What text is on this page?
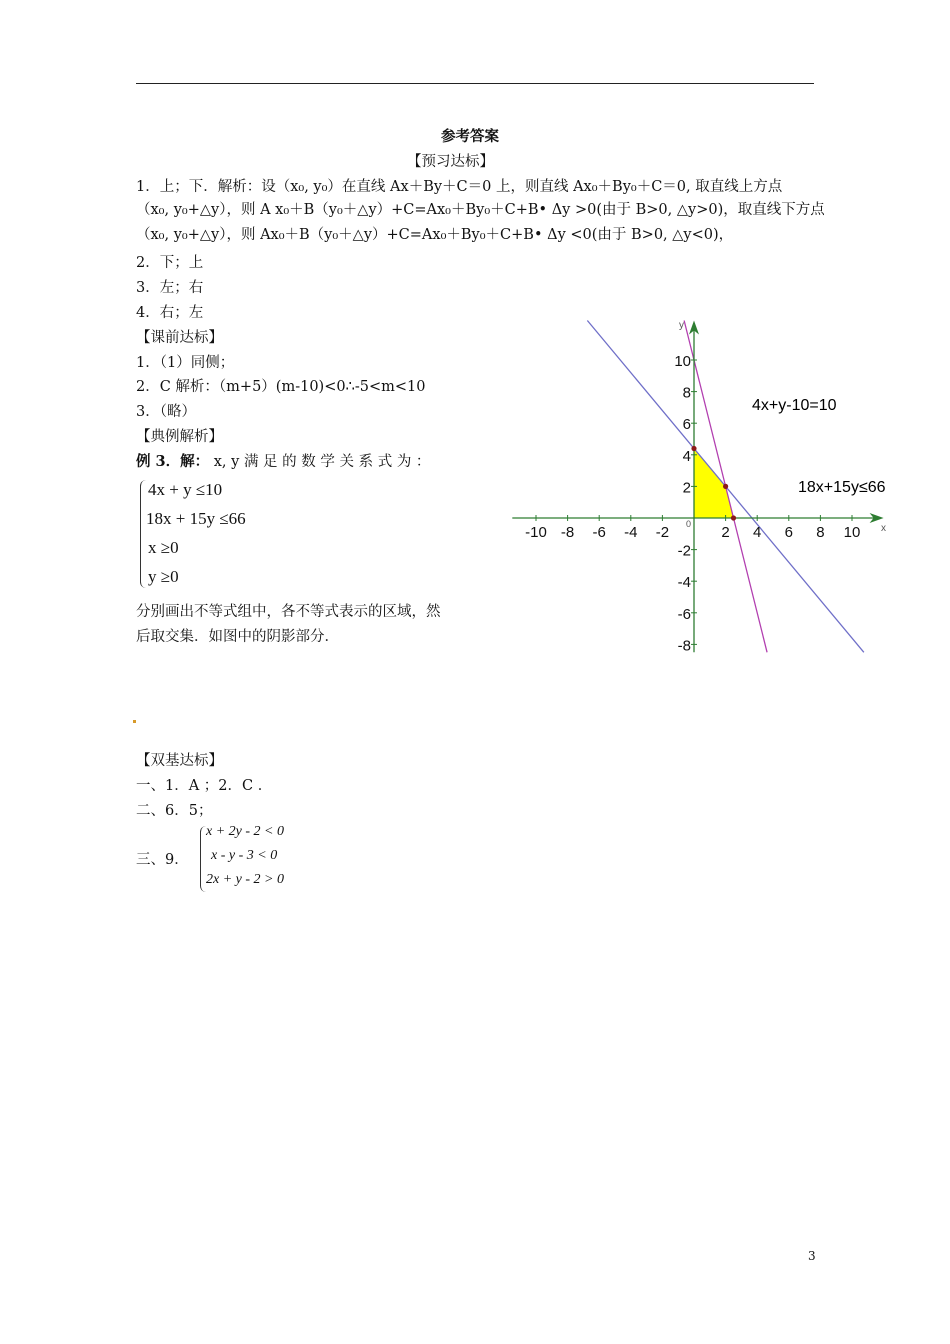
参考答案
【预习达标】
1．上；下．解析：设（x₀, y₀）在直线 Ax＋By＋C＝0 上，则直线 Ax₀＋By₀＋C＝0, 取直线上方点
（x₀, y₀+△y），则 A x₀＋B（y₀＋△y）+C=Ax₀＋By₀＋C+B• Δy >0(由于 B>0, △y>0)，取直线下方点
（x₀, y₀+△y），则 Ax₀＋B（y₀＋△y）+C=Ax₀＋By₀＋C+B• Δy <0(由于 B>0, △y<0)，
2．下；上
3．左；右
4．右；左
【课前达标】
1．（1）同侧；
2．C 解析：（m+5）(m-10)<0∴-5<m<10
3．（略）
【典例解析】
例 3．解： x, y 满 足 的 数 学 关 系 式 为 ：
4x + y ≤10
18x + 15y ≤66
x ≥0
y ≥0
分别画出不等式组中，各不等式表示的区域，然
后取交集．如图中的阴影部分．
-10 -8 -6 -4 -2	2 4 6 8 10
10
8
6
4
2
-2
-4
-6
-8
4x+y-10=10
18x+15y≤66
x
y
0
【双基达标】
一、1．A ；2．C ．
二、6．5；
三、9．
x + 2y - 2 < 0
x - y - 3 < 0
2x + y - 2 > 0
3
